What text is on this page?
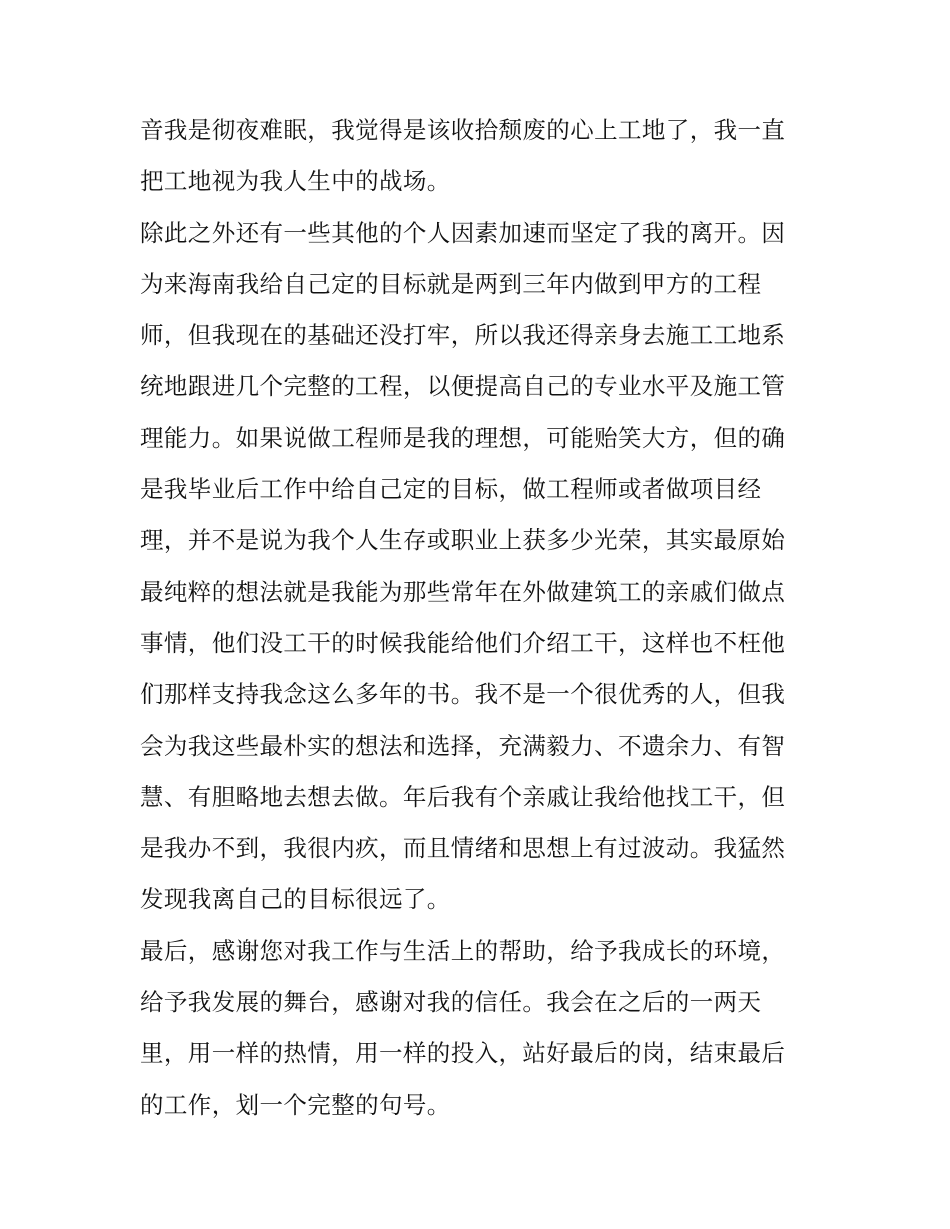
音我是彻夜难眠，我觉得是该收拾颓废的心上工地了，我一直
把工地视为我人生中的战场。
除此之外还有一些其他的个人因素加速而坚定了我的离开。因
为来海南我给自己定的目标就是两到三年内做到甲方的工程
师，但我现在的基础还没打牢，所以我还得亲身去施工工地系
统地跟进几个完整的工程，以便提高自己的专业水平及施工管
理能力。如果说做工程师是我的理想，可能贻笑大方，但的确
是我毕业后工作中给自己定的目标，做工程师或者做项目经
理，并不是说为我个人生存或职业上获多少光荣，其实最原始
最纯粹的想法就是我能为那些常年在外做建筑工的亲戚们做点
事情，他们没工干的时候我能给他们介绍工干，这样也不枉他
们那样支持我念这么多年的书。我不是一个很优秀的人，但我
会为我这些最朴实的想法和选择，充满毅力、不遗余力、有智
慧、有胆略地去想去做。年后我有个亲戚让我给他找工干，但
是我办不到，我很内疚，而且情绪和思想上有过波动。我猛然
发现我离自己的目标很远了。
最后，感谢您对我工作与生活上的帮助，给予我成长的环境，
给予我发展的舞台，感谢对我的信任。我会在之后的一两天
里，用一样的热情，用一样的投入，站好最后的岗，结束最后
的工作，划一个完整的句号。
